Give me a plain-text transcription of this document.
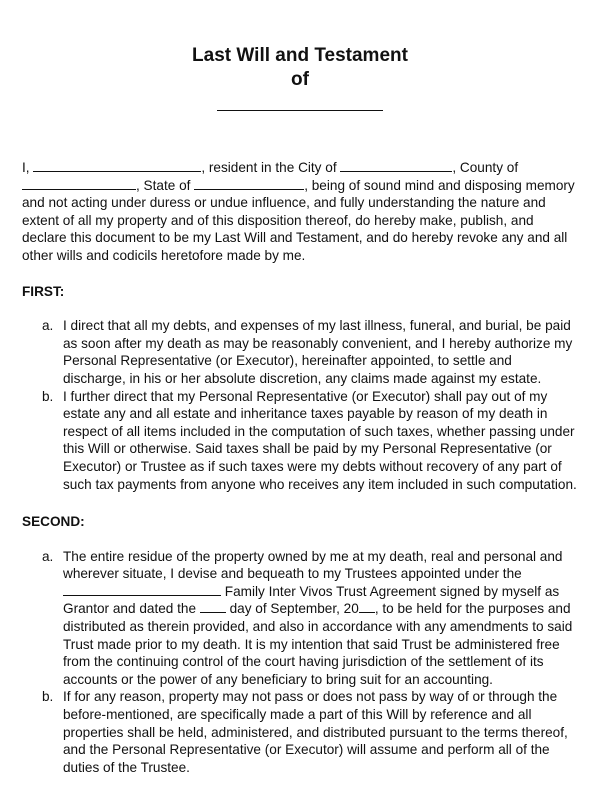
Last Will and Testament
of

I,	, resident in the City of	, County of
, State of	, being of sound mind and disposing memory and not acting under duress or undue influence, and fully understanding the nature and extent of all my property and of this disposition thereof, do hereby make, publish, and declare this document to be my Last Will and Testament, and do hereby revoke any and all other wills and codicils heretofore made by me.

FIRST:

a. I direct that all my debts, and expenses of my last illness, funeral, and burial, be paid as soon after my death as may be reasonably convenient, and I hereby authorize my Personal Representative (or Executor), hereinafter appointed, to settle and discharge, in his or her absolute discretion, any claims made against my estate.
b. I further direct that my Personal Representative (or Executor) shall pay out of my estate any and all estate and inheritance taxes payable by reason of my death in respect of all items included in the computation of such taxes, whether passing under this Will or otherwise. Said taxes shall be paid by my Personal Representative (or Executor) or Trustee as if such taxes were my debts without recovery of any part of such tax payments from anyone who receives any item included in such computation.

SECOND:

a. The entire residue of the property owned by me at my death, real and personal and wherever situate, I devise and bequeath to my Trustees appointed under the  Family Inter Vivos Trust Agreement signed by myself as Grantor and dated the  day of September, 20 , to be held for the purposes and distributed as therein provided, and also in accordance with any amendments to said Trust made prior to my death. It is my intention that said Trust be administered free from the continuing control of the court having jurisdiction of the settlement of its accounts or the power of any beneficiary to bring suit for an accounting.
b. If for any reason, property may not pass or does not pass by way of or through the before-mentioned, are specifically made a part of this Will by reference and all properties shall be held, administered, and distributed pursuant to the terms thereof, and the Personal Representative (or Executor) will assume and perform all of the duties of the Trustee.
